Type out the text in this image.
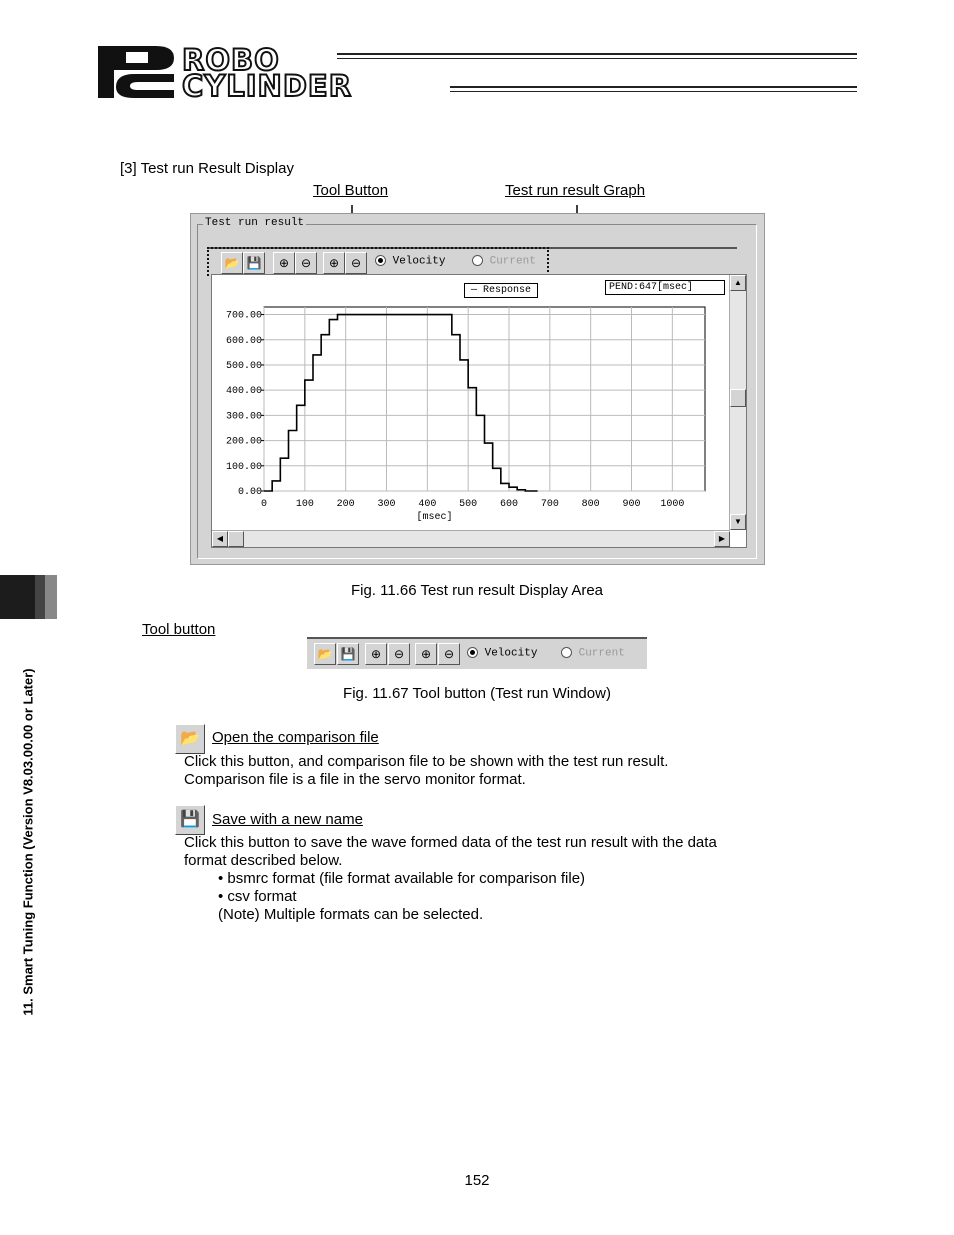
ROBO
CYLINDER
11. Smart Tuning Function (Version V8.03.00.00 or Later)
[3] Test run Result Display
Tool Button	Test run result Graph
Test run result
📂 💾	⊕ ⊖	⊕ ⊖	Velocity	Current
— Response	PEND:647[msec]
0	100 200 300 400 500 600 700 800 900 1000
0.00
100.00
200.00
300.00
400.00
500.00
600.00
700.00
[msec]
▲
▼
◀	▶
Fig. 11.66 Test run result Display Area
Tool button
📂 💾	⊕	⊖	⊕	⊖	Velocity	Current
Fig. 11.67 Tool button (Test run Window)
📂 Open the comparison file
Click this button, and comparison file to be shown with the test run result.
Comparison file is a file in the servo monitor format.
💾 Save with a new name
Click this button to save the wave formed data of the test run result with the data
format described below.
• bsmrc format (file format available for comparison file)
• csv format
(Note) Multiple formats can be selected.
152
